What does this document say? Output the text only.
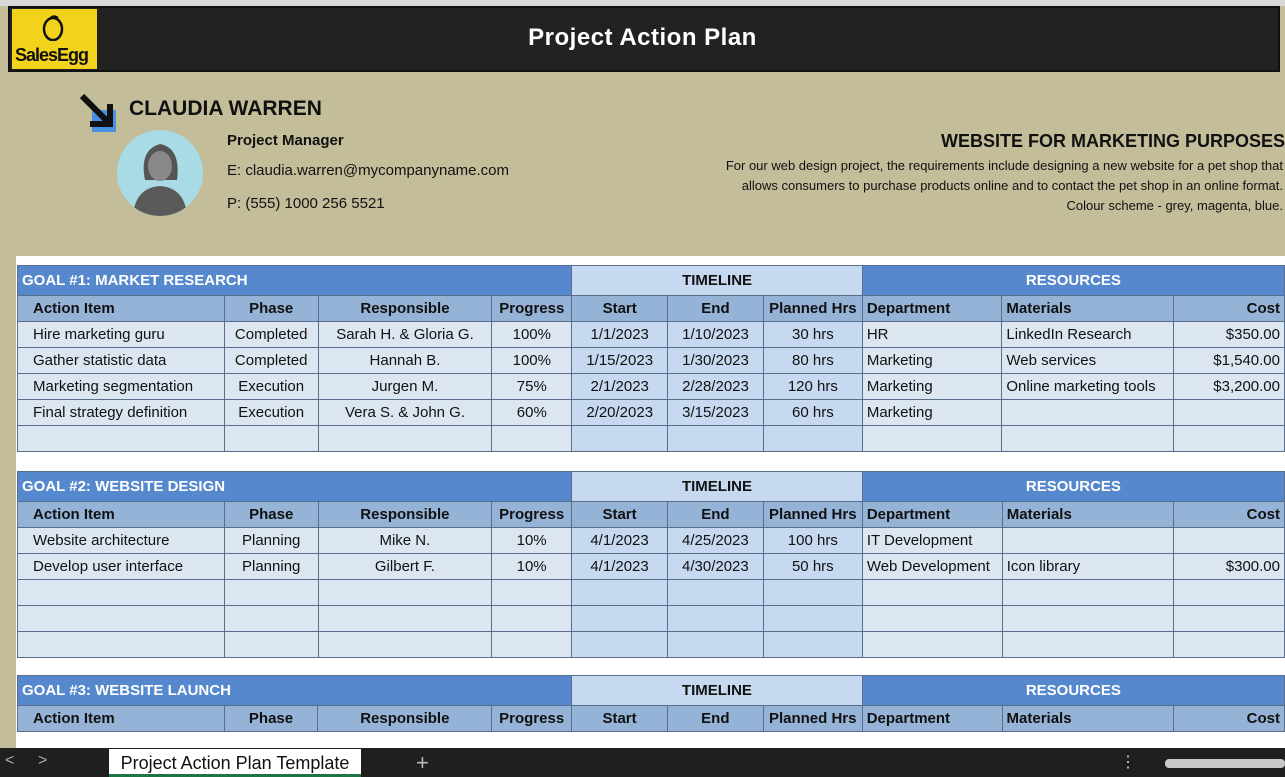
SalesEgg
Project Action Plan
CLAUDIA WARREN
Project Manager
E: claudia.warren@mycompanyname.com
P: (555) 1000 256 5521
WEBSITE FOR MARKETING PURPOSES
For our web design project, the requirements include designing a new website for a pet shop that
allows consumers to purchase products online and to contact the pet shop in an online format.
Colour scheme - grey, magenta, blue.
GOAL #1: MARKET RESEARCH				TIMELINE			RESOURCES		
Action Item	Phase	Responsible	Progress	Start	End	Planned Hrs	Department	Materials	Cost
Hire marketing guru	Completed	Sarah H. & Gloria G.	100%	1/1/2023	1/10/2023	30 hrs	HR	LinkedIn Research	$350.00
Gather statistic data	Completed	Hannah B.	100%	1/15/2023	1/30/2023	80 hrs	Marketing	Web services	$1,540.00
Marketing segmentation	Execution	Jurgen M.	75%	2/1/2023	2/28/2023	120 hrs	Marketing	Online marketing tools	$3,200.00
Final strategy definition	Execution	Vera S. & John G.	60%	2/20/2023	3/15/2023	60 hrs	Marketing		

GOAL #2: WEBSITE DESIGN				TIMELINE			RESOURCES		
Action Item	Phase	Responsible	Progress	Start	End	Planned Hrs	Department	Materials	Cost
Website architecture	Planning	Mike N.	10%	4/1/2023	4/25/2023	100 hrs	IT Development		
Develop user interface	Planning	Gilbert F.	10%	4/1/2023	4/30/2023	50 hrs	Web Development	Icon library	$300.00

GOAL #3: WEBSITE LAUNCH				TIMELINE			RESOURCES		
Action Item	Phase	Responsible	Progress	Start	End	Planned Hrs	Department	Materials	Cost
< >	Project Action Plan Template	+	⋮
